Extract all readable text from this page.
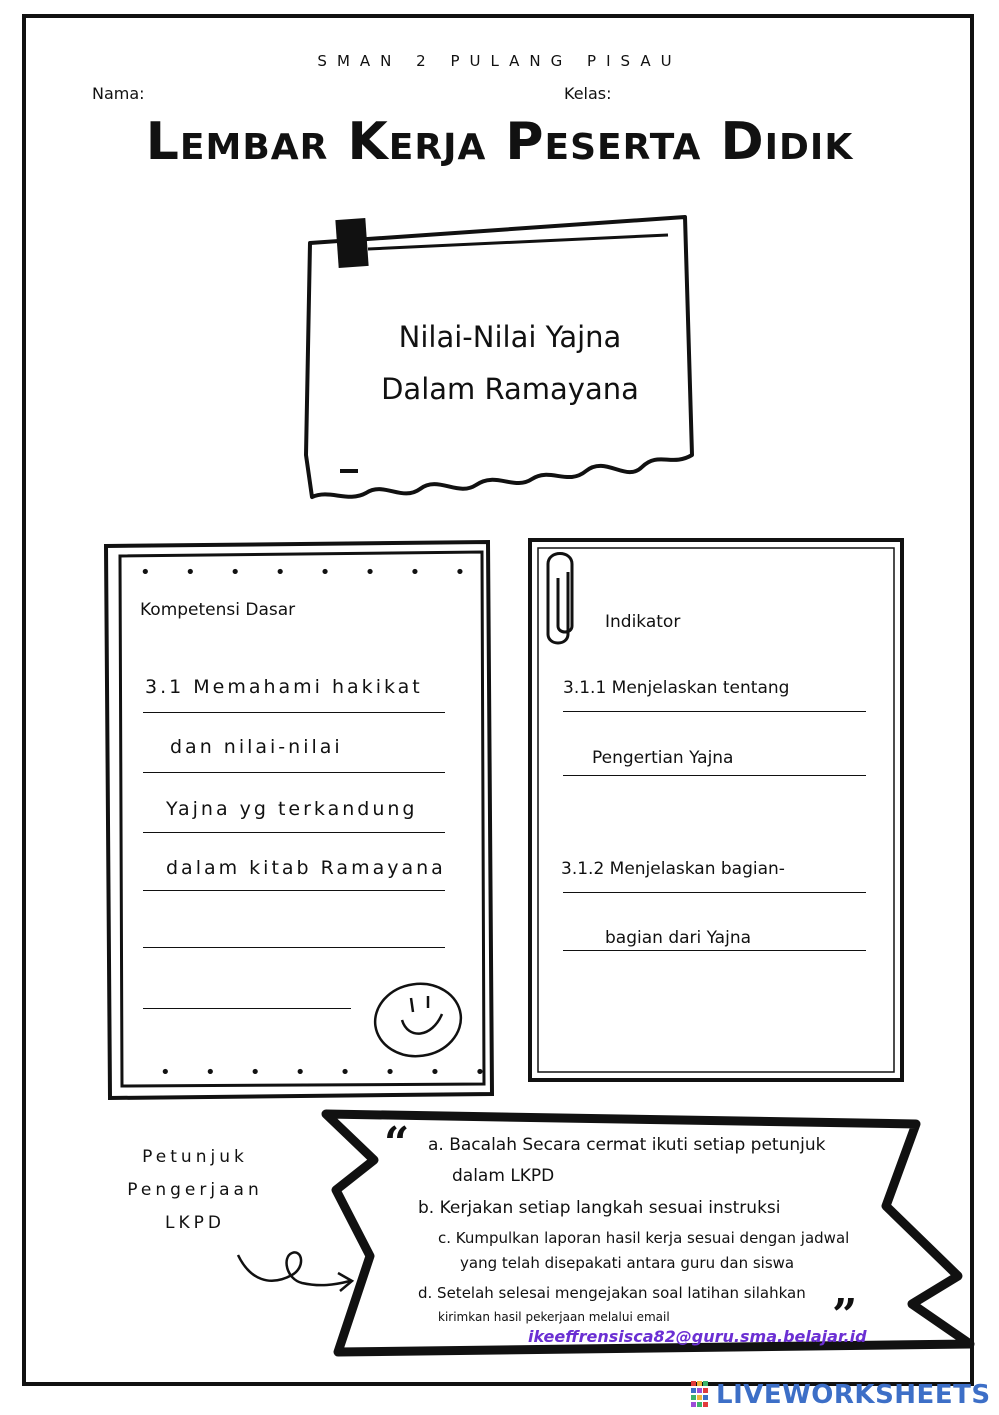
SMAN 2 PULANG PISAU
Nama:	Kelas:
Lembar Kerja Peserta Didik
Nilai-Nilai Yajna
Dalam Ramayana
•      •      •      •      •      •      •      •
Kompetensi Dasar
3.1 Memahami hakikat
dan nilai-nilai
Yajna yg terkandung
dalam kitab Ramayana
•      •      •      •      •      •      •      •
Indikator
3.1.1 Menjelaskan tentang
Pengertian Yajna
3.1.2 Menjelaskan bagian-
bagian dari Yajna
Petunjuk
Pengerjaan
LKPD
“
”
a. Bacalah Secara cermat ikuti setiap petunjuk
dalam LKPD
b. Kerjakan setiap langkah sesuai instruksi
c. Kumpulkan laporan hasil kerja sesuai dengan jadwal
yang telah disepakati antara guru dan siswa
d. Setelah selesai mengejakan soal latihan silahkan
kirimkan hasil pekerjaan melalui email
ikeeffrensisca82@guru.sma.belajar.id
LIVEWORKSHEETS
